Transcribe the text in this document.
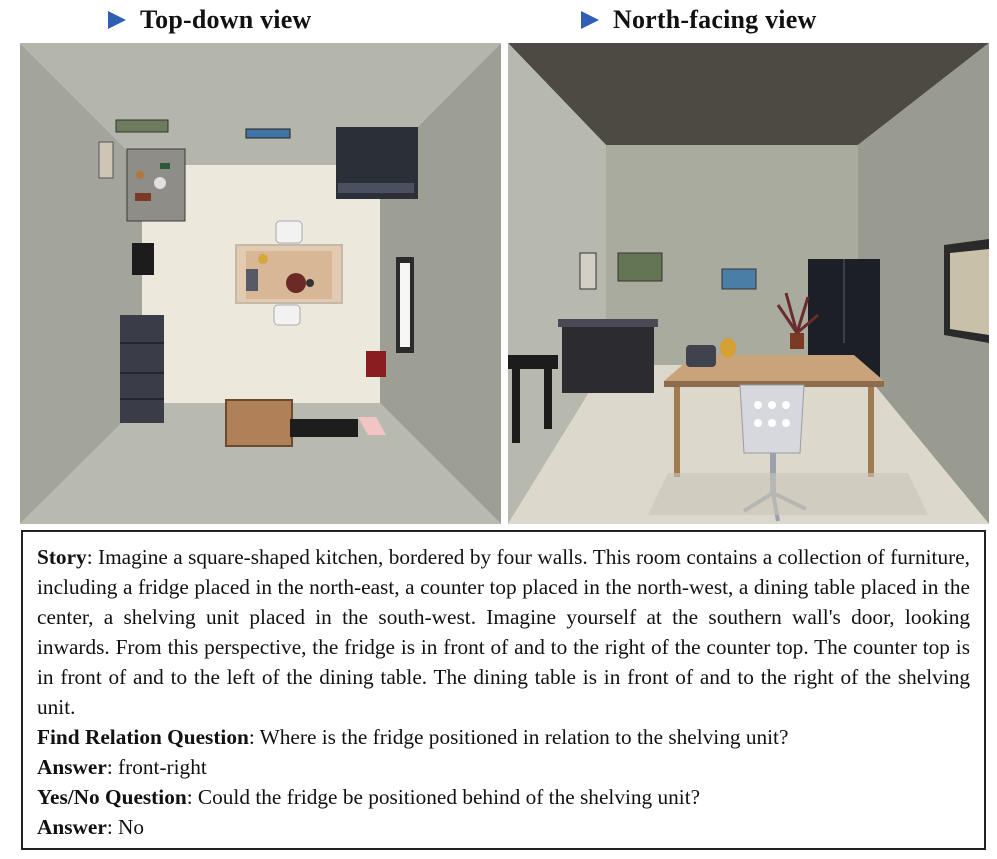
Top-down view	North-facing view

Story: Imagine a square-shaped kitchen, bordered by four walls. This room contains a collection of furniture, including a fridge placed in the north-east, a counter top placed in the north-west, a dining table placed in the center, a shelving unit placed in the south-west. Imagine yourself at the southern wall's door, looking inwards. From this perspective, the fridge is in front of and to the right of the counter top. The counter top is in front of and to the left of the dining table. The dining table is in front of and to the right of the shelving unit.

Find Relation Question: Where is the fridge positioned in relation to the shelving unit?

Answer: front-right

Yes/No Question: Could the fridge be positioned behind of the shelving unit?

Answer: No
